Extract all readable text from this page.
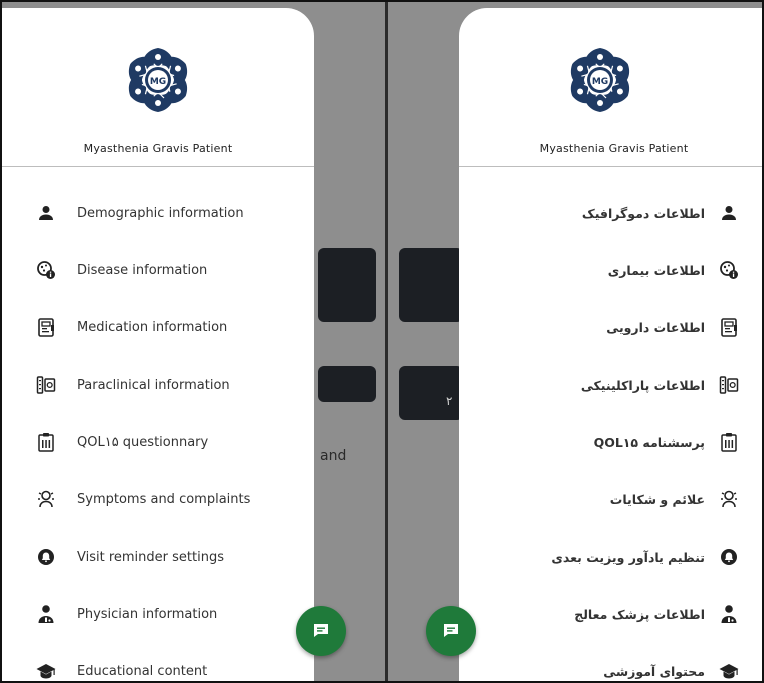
and
MG
Myasthenia Gravis Patient
Demographic information
Disease information
Medication information
Paraclinical information
QOL۱۵ questionnary
Symptoms and complaints
Visit reminder settings
Physician information
Educational content
۲
MG
Myasthenia Gravis Patient
اطلاعات دموگرافیک
اطلاعات بیماری
اطلاعات دارویی
اطلاعات پاراکلینیکی
پرسشنامه QOL۱۵
علائم و شکایات
تنظیم یادآور ویزیت بعدی
اطلاعات پزشک معالج
محتوای آموزشی
